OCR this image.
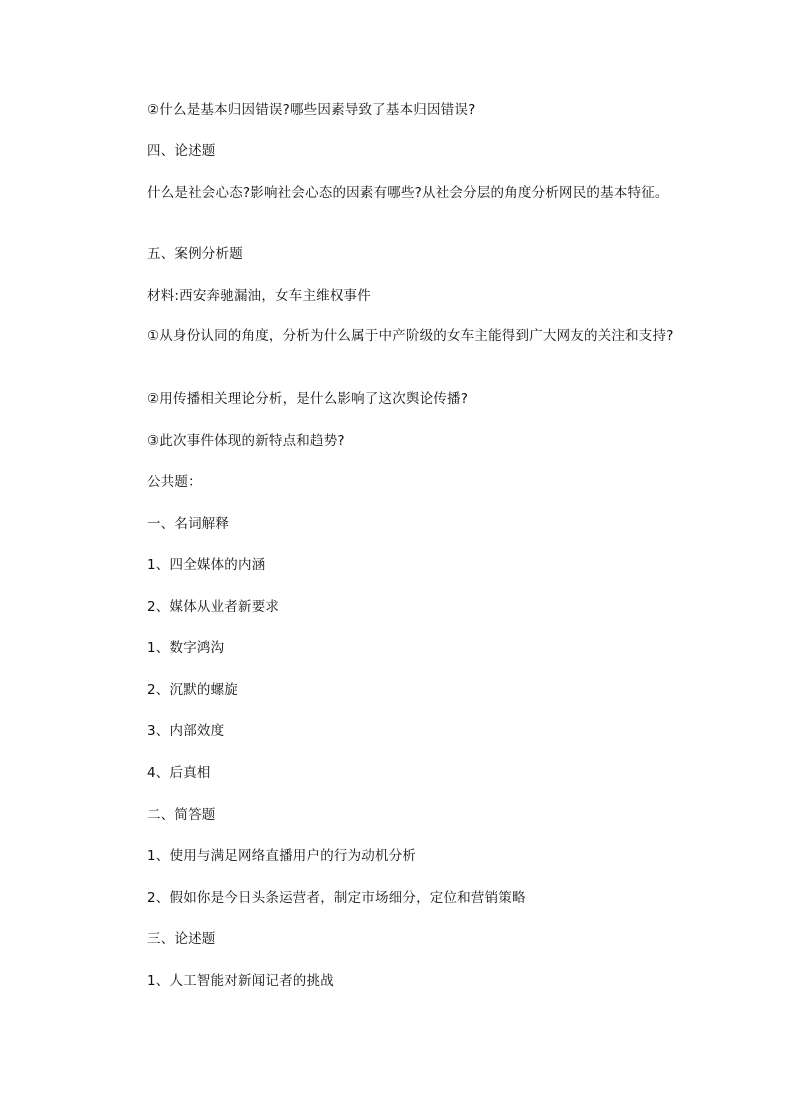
②什么是基本归因错误?哪些因素导致了基本归因错误?
四、论述题
什么是社会心态?影响社会心态的因素有哪些?从社会分层的角度分析网民的基本特征。
五、案例分析题
材料:西安奔驰漏油，女车主维权事件
①从身份认同的角度，分析为什么属于中产阶级的女车主能得到广大网友的关注和支持?
②用传播相关理论分析，是什么影响了这次舆论传播?
③此次事件体现的新特点和趋势?
公共题：
一、名词解释
1、四全媒体的内涵
2、媒体从业者新要求
1、数字鸿沟
2、沉默的螺旋
3、内部效度
4、后真相
二、简答题
1、使用与满足网络直播用户的行为动机分析
2、假如你是今日头条运营者，制定市场细分，定位和营销策略
三、论述题
1、人工智能对新闻记者的挑战
